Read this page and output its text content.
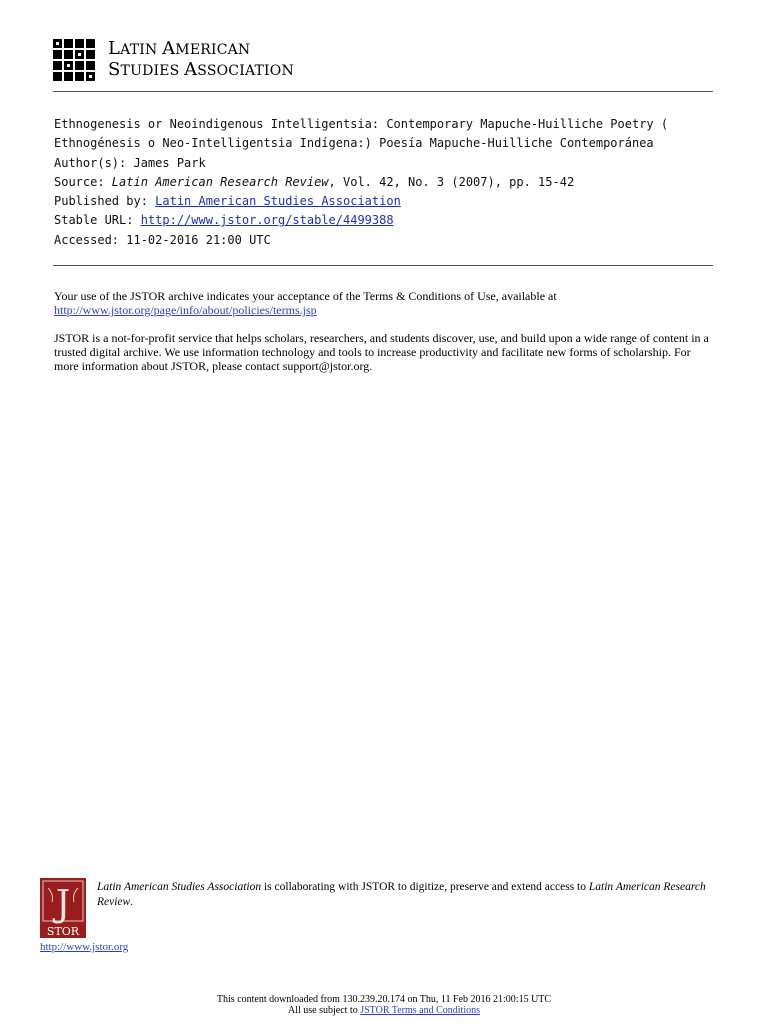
LATIN AMERICAN
STUDIES ASSOCIATION
Ethnogenesis or Neoindigenous Intelligentsia: Contemporary Mapuche-Huilliche Poetry (
Ethnogénesis o Neo-Intelligentsia Indígena:) Poesía Mapuche-Huilliche Contemporánea
Author(s): James Park
Source: Latin American Research Review, Vol. 42, No. 3 (2007), pp. 15-42
Published by: Latin American Studies Association
Stable URL: http://www.jstor.org/stable/4499388
Accessed: 11-02-2016 21:00 UTC
Your use of the JSTOR archive indicates your acceptance of the Terms & Conditions of Use, available at http://www.jstor.org/page/info/about/policies/terms.jsp
JSTOR is a not-for-profit service that helps scholars, researchers, and students discover, use, and build upon a wide range of content in a trusted digital archive. We use information technology and tools to increase productivity and facilitate new forms of scholarship. For more information about JSTOR, please contact support@jstor.org.
J
STOR
Latin American Studies Association is collaborating with JSTOR to digitize, preserve and extend access to Latin American Research Review.
http://www.jstor.org
This content downloaded from 130.239.20.174 on Thu, 11 Feb 2016 21:00:15 UTC
All use subject to JSTOR Terms and Conditions
